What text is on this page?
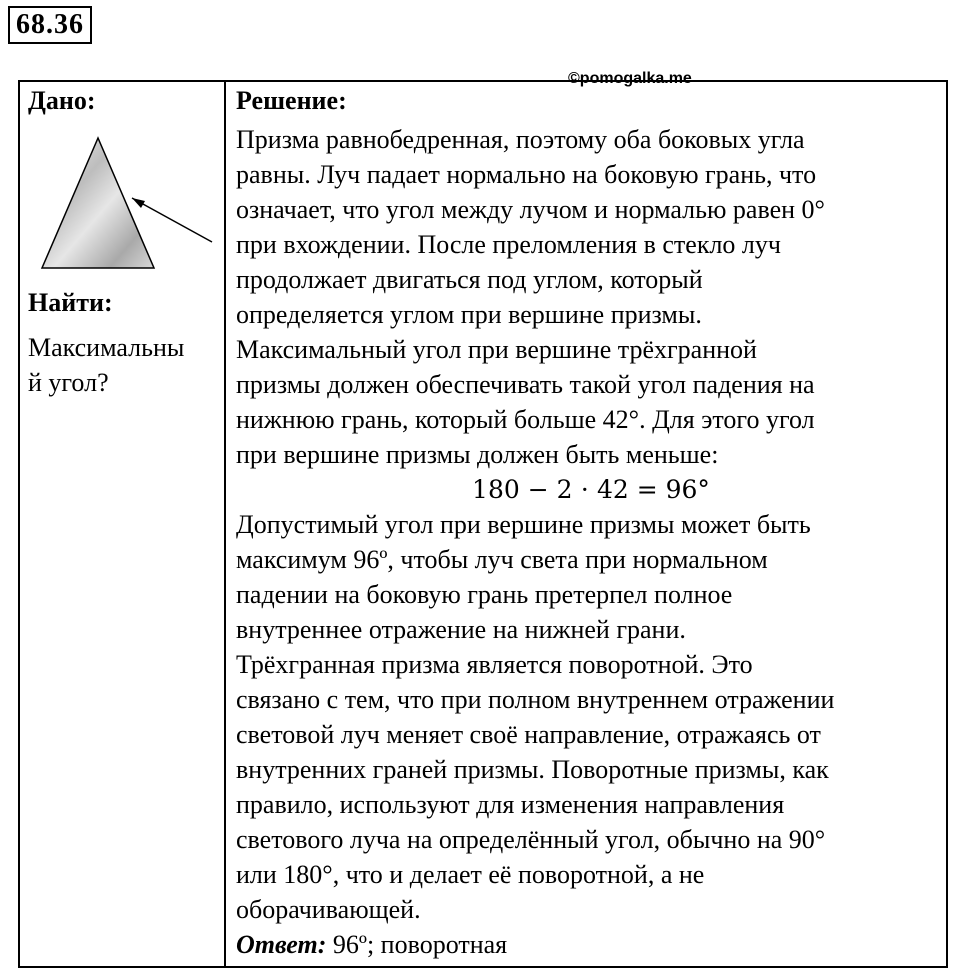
68.36
©pomogalka.me
Дано:
Найти:
Максимальны
й угол?
Решение:

Призма равнобедренная, поэтому оба боковых угла

равны. Луч падает нормально на боковую грань, что

означает, что угол между лучом и нормалью равен 0°

при вхождении. После преломления в стекло луч

продолжает двигаться под углом, который

определяется углом при вершине призмы.

Максимальный угол при вершине трёхгранной

призмы должен обеспечивать такой угол падения на

нижнюю грань, который больше 42°. Для этого угол

при вершине призмы должен быть меньше:

180 − 2 ⋅ 42 = 96°

Допустимый угол при вершине призмы может быть

максимум 96º, чтобы луч света при нормальном

падении на боковую грань претерпел полное

внутреннее отражение на нижней грани.

Трёхгранная призма является поворотной. Это

связано с тем, что при полном внутреннем отражении

световой луч меняет своё направление, отражаясь от

внутренних граней призмы. Поворотные призмы, как

правило, используют для изменения направления

светового луча на определённый угол, обычно на 90°

или 180°, что и делает её поворотной, а не

оборачивающей.

Ответ: 96º; поворотная
